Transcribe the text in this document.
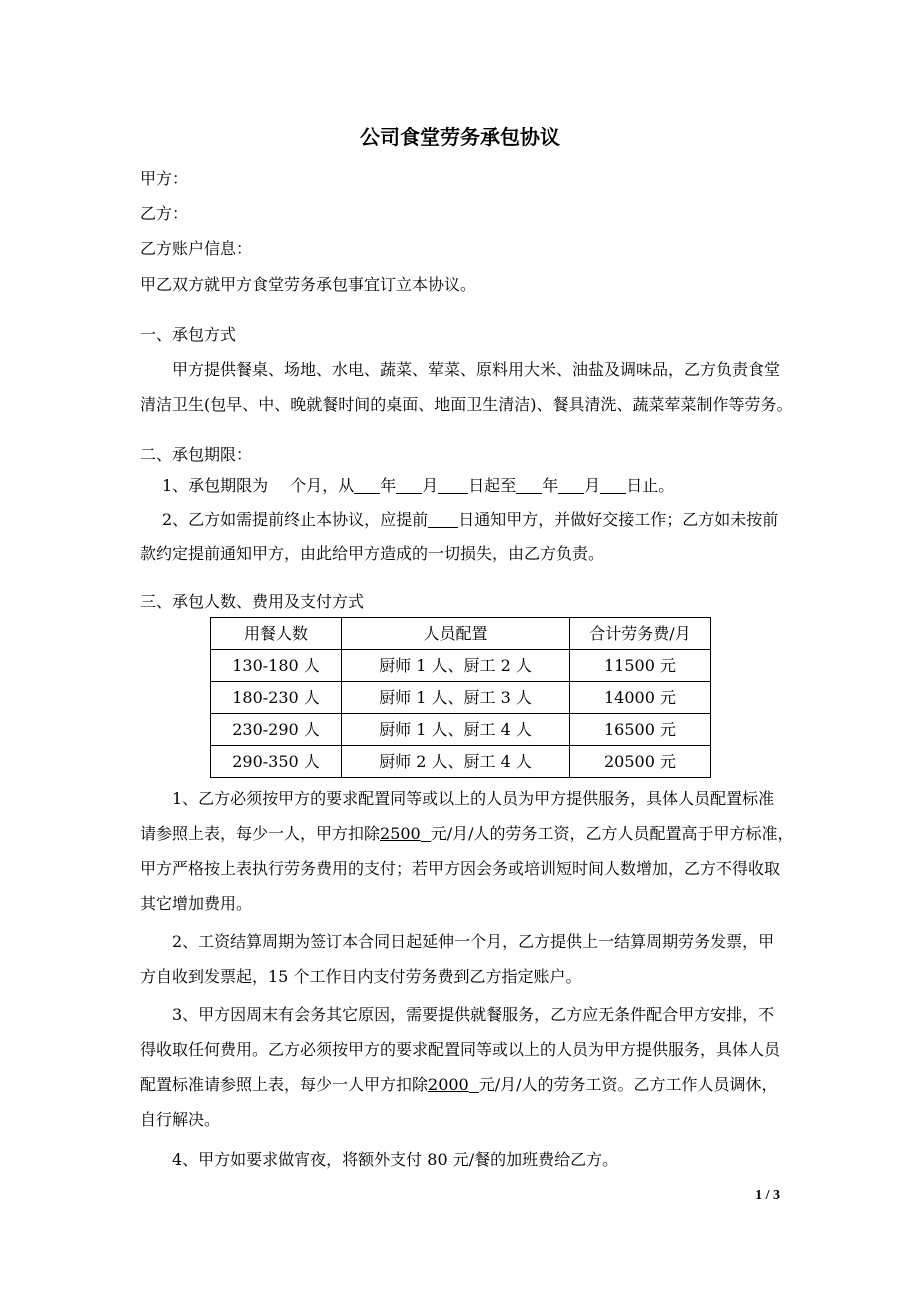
公司食堂劳务承包协议
甲方：
乙方：
乙方账户信息：
甲乙双方就甲方食堂劳务承包事宜订立本协议。
一、承包方式
甲方提供餐桌、场地、水电、蔬菜、荤菜、原料用大米、油盐及调味品，乙方负责食堂
清洁卫生(包早、中、晚就餐时间的桌面、地面卫生清洁)、餐具清洗、蔬菜荤菜制作等劳务。
二、承包期限：
1、承包期限为 个月，从 年 月 日起至 年 月 日止。
2、乙方如需提前终止本协议，应提前 日通知甲方，并做好交接工作；乙方如未按前
款约定提前通知甲方，由此给甲方造成的一切损失，由乙方负责。
三、承包人数、费用及支付方式
用餐人数	人员配置	合计劳务费/月
130-180 人	厨师 1 人、厨工 2 人	11500 元
180-230 人	厨师 1 人、厨工 3 人	14000 元
230-290 人	厨师 1 人、厨工 4 人	16500 元
290-350 人	厨师 2 人、厨工 4 人	20500 元
1、乙方必须按甲方的要求配置同等或以上的人员为甲方提供服务，具体人员配置标准
请参照上表，每少一人，甲方扣除2500 元/月/人的劳务工资，乙方人员配置高于甲方标准，
甲方严格按上表执行劳务费用的支付；若甲方因会务或培训短时间人数增加，乙方不得收取
其它增加费用。
2、工资结算周期为签订本合同日起延伸一个月，乙方提供上一结算周期劳务发票，甲
方自收到发票起，15 个工作日内支付劳务费到乙方指定账户。
3、甲方因周末有会务其它原因，需要提供就餐服务，乙方应无条件配合甲方安排，不
得收取任何费用。乙方必须按甲方的要求配置同等或以上的人员为甲方提供服务，具体人员
配置标准请参照上表，每少一人甲方扣除2000 元/月/人的劳务工资。乙方工作人员调休，
自行解决。
4、甲方如要求做宵夜，将额外支付 80 元/餐的加班费给乙方。
1 / 3
